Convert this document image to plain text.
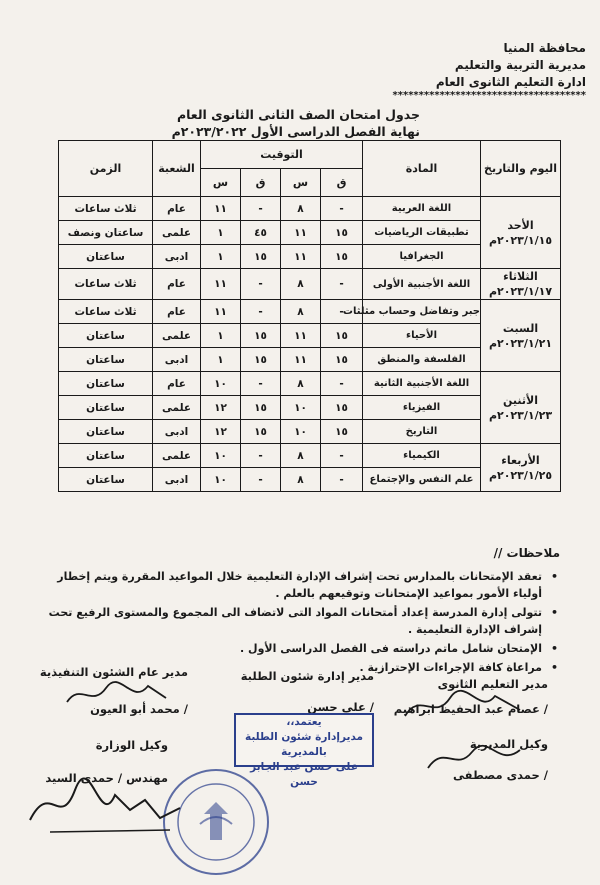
محافظة المنيا
مديرية التربية والتعليم
ادارة التعليم الثانوى العام
*************************************
جدول امتحان الصف الثانى الثانوى العام
نهاية الفصل الدراسى الأول ٢٠٢٣/٢٠٢٢م
اليوم والتاريخ	المادة	التوقيت				الشعبة	الزمن
		ق	س	ق	س		

الأحد
٢٠٢٣/١/١٥م	اللغة العربية	-	٨	-	١١	عام	ثلاث ساعات
	تطبيقات الرياضيات	١٥	١١	٤٥	١	علمى	ساعتان ونصف
	الجغرافيا	١٥	١١	١٥	١	ادبى	ساعتان

الثلاثاء
٢٠٢٣/١/١٧م	اللغة الأجنبية الأولى	-	٨	-	١١	عام	ثلاث ساعات

السبت
٢٠٢٣/١/٢١م	جبر وتفاضل وحساب مثلثات	-	٨	-	١١	عام	ثلاث ساعات
	الأحياء	١٥	١١	١٥	١	علمى	ساعتان
	الفلسفة والمنطق	١٥	١١	١٥	١	ادبى	ساعتان

الأثنين
٢٠٢٣/١/٢٣م	اللغة الأجنبية الثانية	-	٨	-	١٠	عام	ساعتان
	الفيزياء	١٥	١٠	١٥	١٢	علمى	ساعتان
	التاريخ	١٥	١٠	١٥	١٢	ادبى	ساعتان

الأربعاء
٢٠٢٣/١/٢٥م	الكيمياء	-	٨	-	١٠	علمى	ساعتان
	علم النفس والإجتماع	-	٨	-	١٠	ادبى	ساعتان
ملاحظات //
• تعقد الإمتحانات بالمدارس تحت إشراف الإدارة التعليمية خلال المواعيد المقررة ويتم إخطار أولياء الأمور بمواعيد الإمتحانات وتوقيعهم بالعلم .
• تتولى إدارة المدرسة إعداد أمتحانات المواد التى لاتضاف الى المجموع والمستوى الرفيع تحت إشراف الإدارة التعليمية .
• الإمتحان شامل ماتم دراسته فى الفصل الدراسى الأول .
• مراعاة كافة الإجراءات الإحترازية .
مدير التعليم الثانوى
/ عصام عبد الحفيظ ابراهيم
مدير إدارة شئون الطلبة
/ على حسن
مدير عام الشئون التنفيذية
/ محمد أبو العيون
وكيل المديرية
/ حمدى مصطفى
وكيل الوزارة
مهندس / حمدى السيد
يعتمد،،
مديرإدارة شئون الطلبة بالمديرية
على حسن عبد الجابر حسن
